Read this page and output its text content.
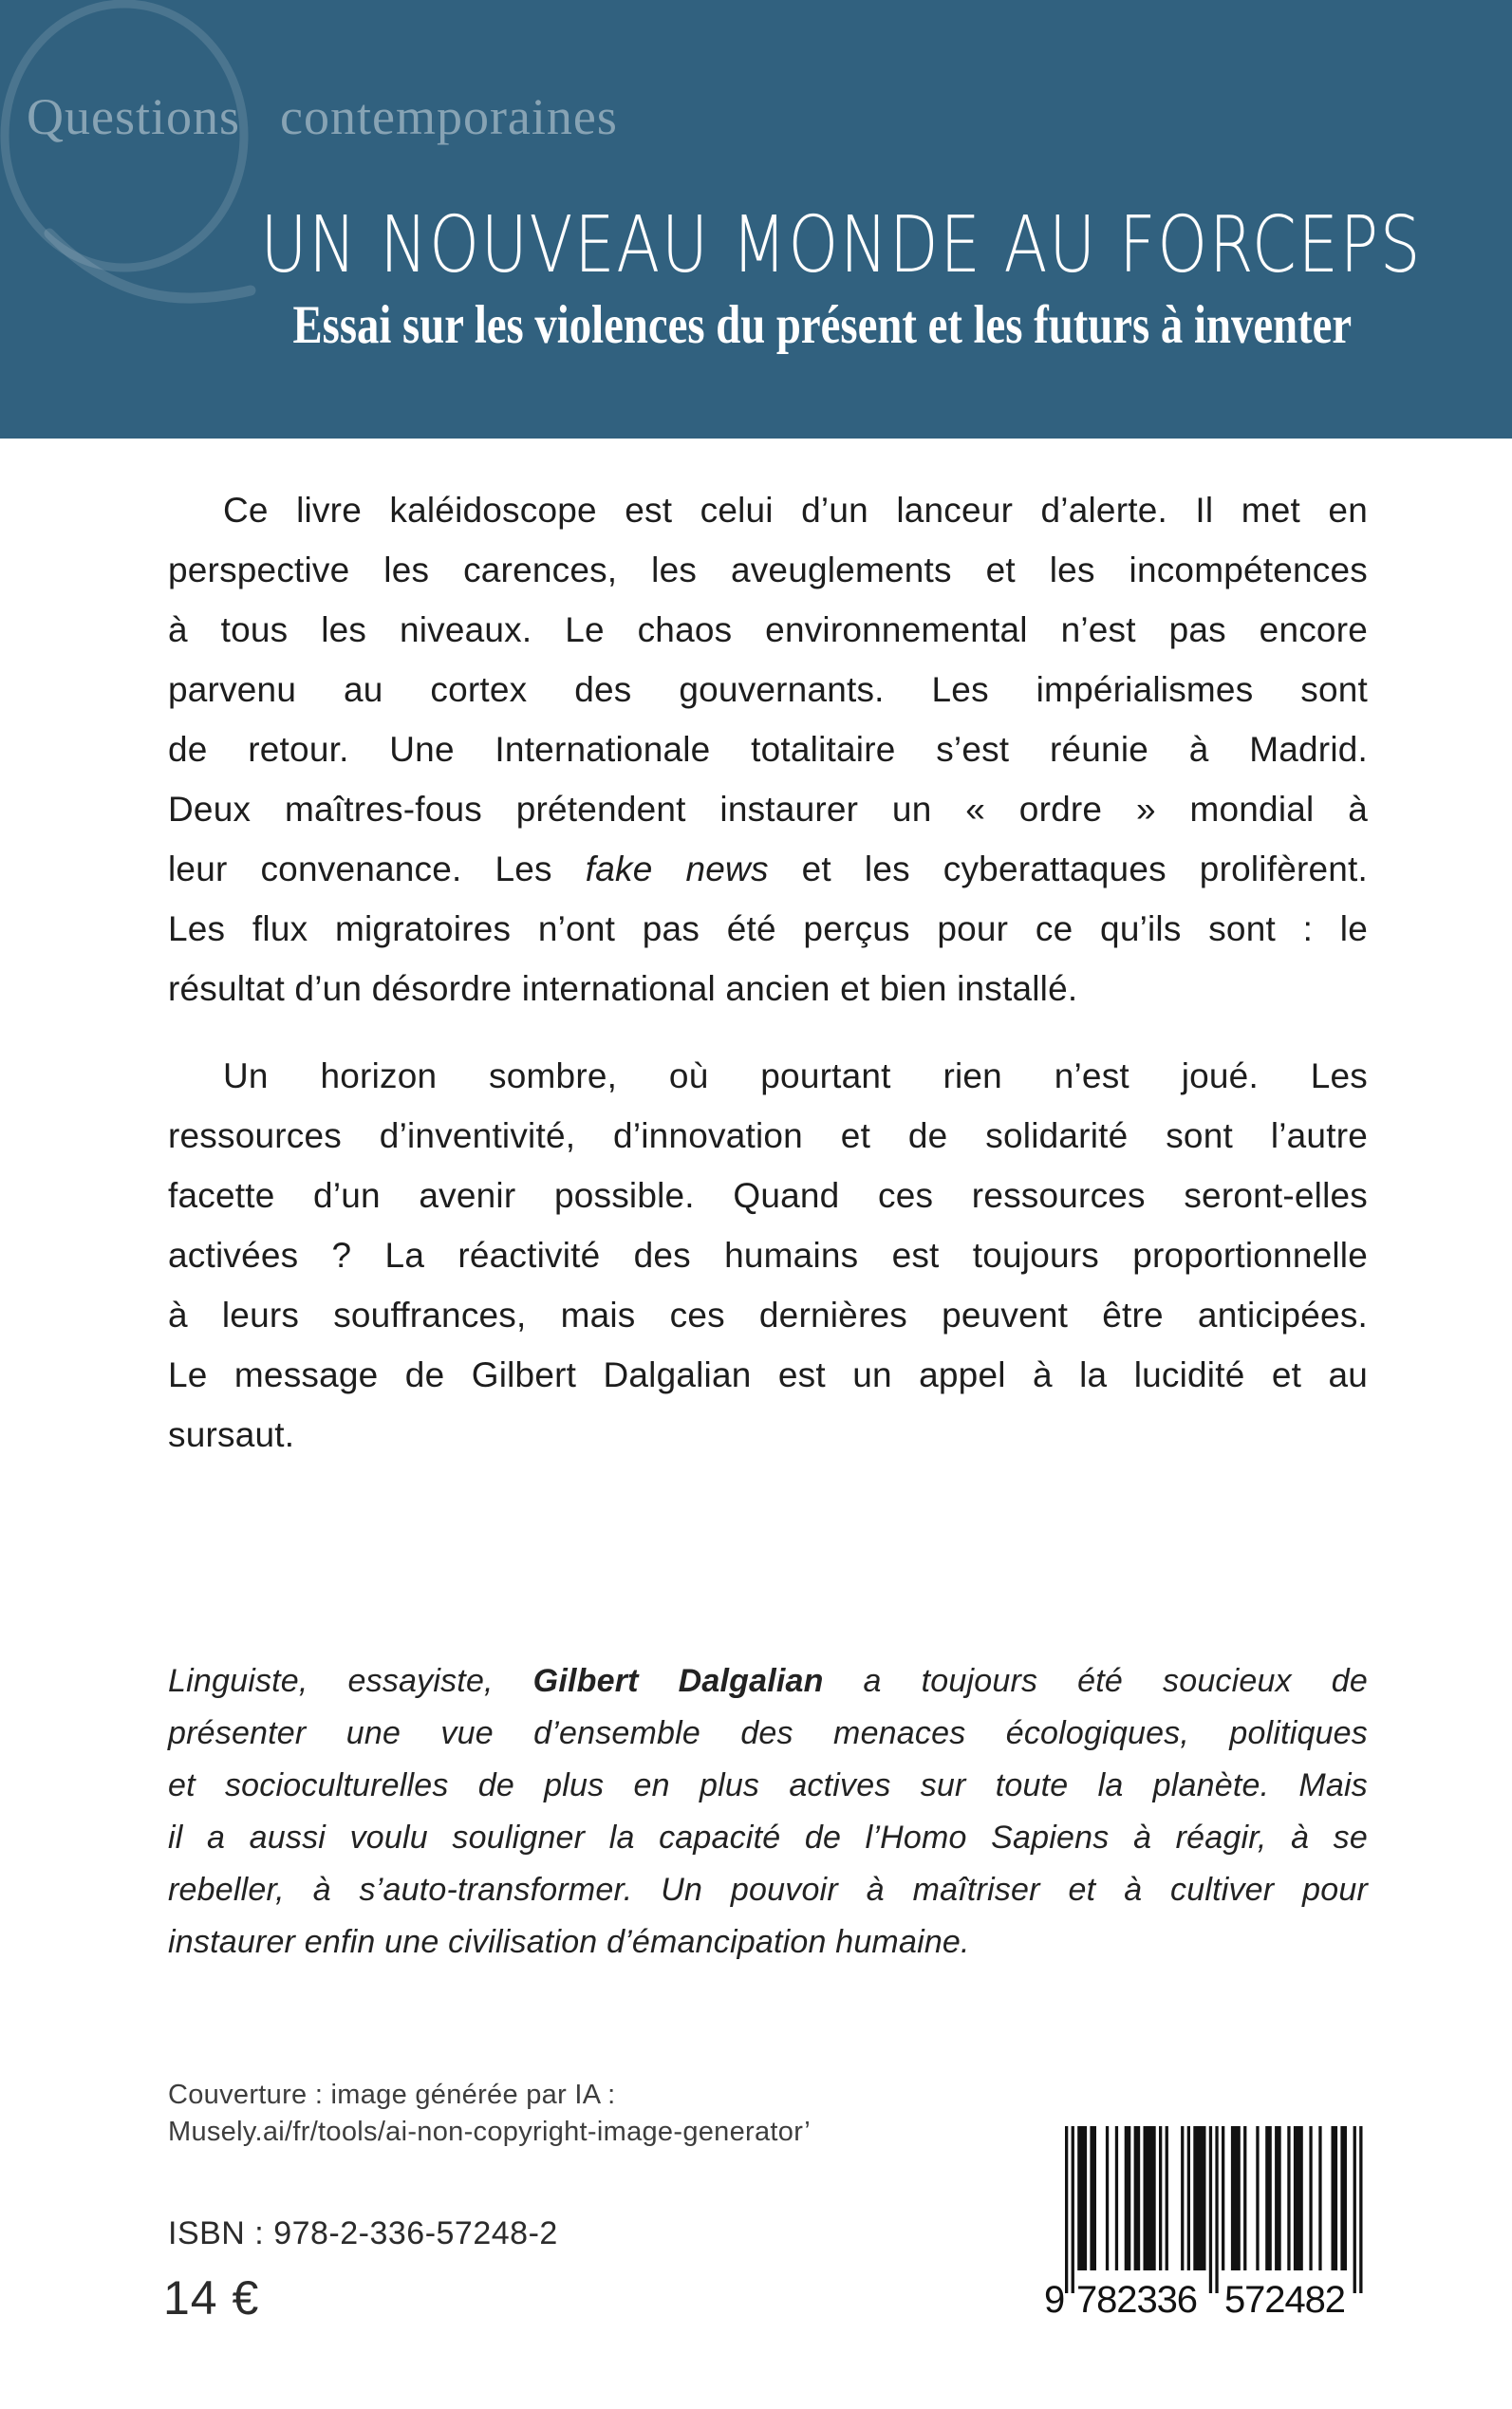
Questions contemporaines
UN NOUVEAU MONDE AU FORCEPS
Essai sur les violences du présent et les futurs à inventer
Ce livre kaléidoscope est celui d’un lanceur d’alerte. Il met en
perspective les carences, les aveuglements et les incompétences
à tous les niveaux. Le chaos environnemental n’est pas encore
parvenu au cortex des gouvernants. Les impérialismes sont
de retour. Une Internationale totalitaire s’est réunie à Madrid.
Deux maîtres-fous prétendent instaurer un « ordre » mondial à
leur convenance. Les fake news et les cyberattaques prolifèrent.
Les flux migratoires n’ont pas été perçus pour ce qu’ils sont : le
résultat d’un désordre international ancien et bien installé.
Un horizon sombre, où pourtant rien n’est joué. Les
ressources d’inventivité, d’innovation et de solidarité sont l’autre
facette d’un avenir possible. Quand ces ressources seront-elles
activées ? La réactivité des humains est toujours proportionnelle
à leurs souffrances, mais ces dernières peuvent être anticipées.
Le message de Gilbert Dalgalian est un appel à la lucidité et au
sursaut.
Linguiste, essayiste, Gilbert Dalgalian a toujours été soucieux de
présenter une vue d’ensemble des menaces écologiques, politiques
et socioculturelles de plus en plus actives sur toute la planète. Mais
il a aussi voulu souligner la capacité de l’Homo Sapiens à réagir, à se
rebeller, à s’auto-transformer. Un pouvoir à maîtriser et à cultiver pour
instaurer enfin une civilisation d’émancipation humaine.
Couverture : image générée par IA :
Musely.ai/fr/tools/ai-non-copyright-image-generator’
ISBN : 978-2-336-57248-2
14 €	9 782336 572482
